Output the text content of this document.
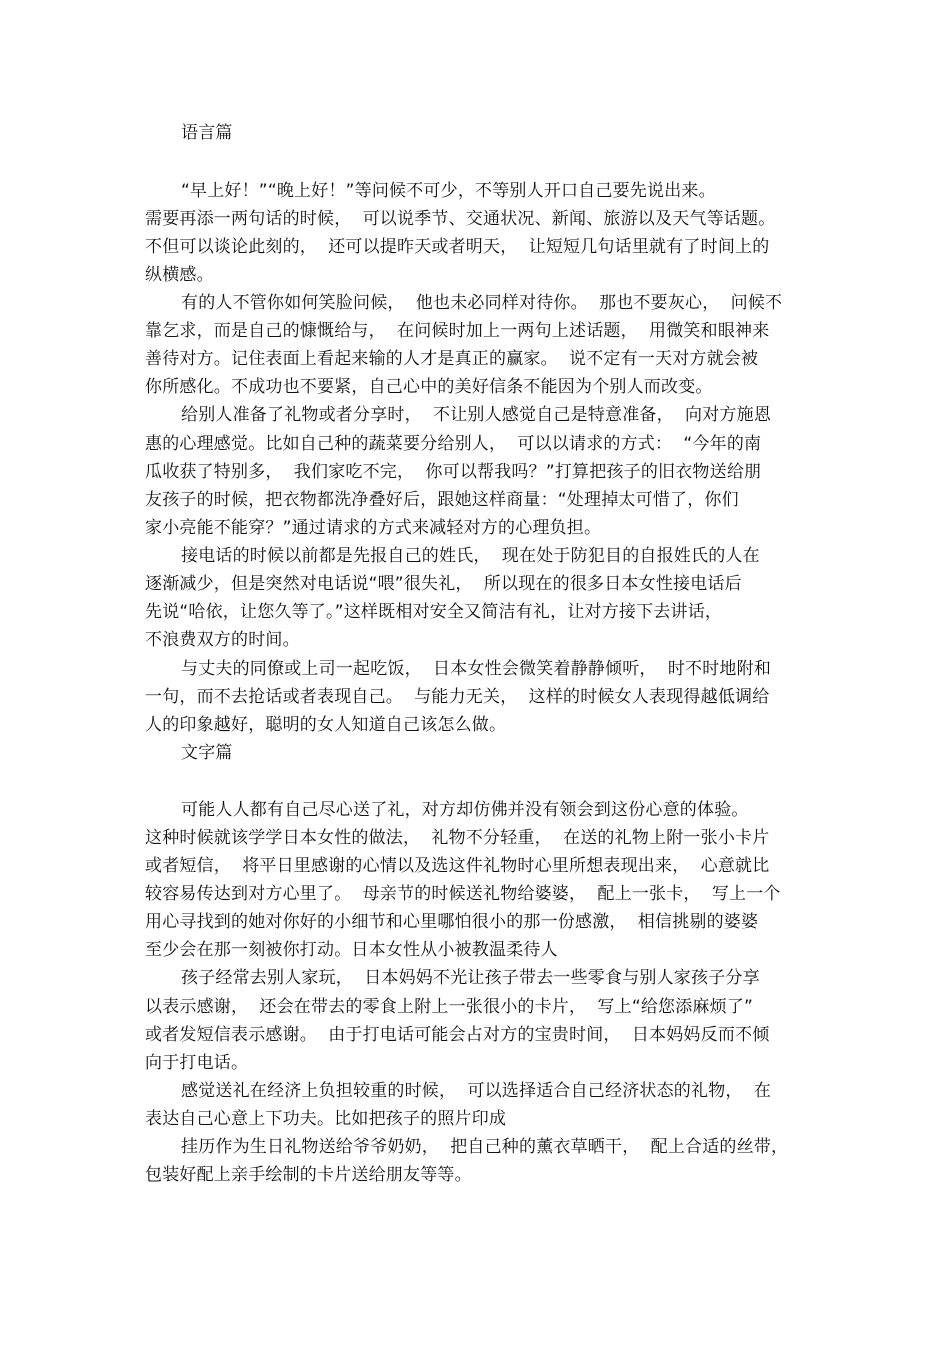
语言篇
“早上好！”“晚上好！”等问候不可少，不等别人开口自己要先说出来。
需要再添一两句话的时候，  可以说季节、交通状况、新闻、旅游以及天气等话题。
不但可以谈论此刻的，  还可以提昨天或者明天，  让短短几句话里就有了时间上的
纵横感。
有的人不管你如何笑脸问候，  他也未必同样对待你。  那也不要灰心，  问候不
靠乞求，而是自己的慷慨给与，  在问候时加上一两句上述话题，  用微笑和眼神来
善待对方。记住表面上看起来输的人才是真正的赢家。  说不定有一天对方就会被
你所感化。不成功也不要紧，自己心中的美好信条不能因为个别人而改变。
给别人准备了礼物或者分享时，  不让别人感觉自己是特意准备，  向对方施恩
惠的心理感觉。比如自己种的蔬菜要分给别人，  可以以请求的方式：  “今年的南
瓜收获了特别多，  我们家吃不完，  你可以帮我吗？”打算把孩子的旧衣物送给朋
友孩子的时候，把衣物都洗净叠好后，跟她这样商量：“处理掉太可惜了，你们
家小亮能不能穿？”通过请求的方式来减轻对方的心理负担。
接电话的时候以前都是先报自己的姓氏，  现在处于防犯目的自报姓氏的人在
逐渐减少，但是突然对电话说“喂”很失礼，  所以现在的很多日本女性接电话后
先说“哈依，让您久等了。”这样既相对安全又简洁有礼，让对方接下去讲话，
不浪费双方的时间。
与丈夫的同僚或上司一起吃饭，  日本女性会微笑着静静倾听，  时不时地附和
一句，而不去抢话或者表现自己。  与能力无关，  这样的时候女人表现得越低调给
人的印象越好，聪明的女人知道自己该怎么做。
文字篇
可能人人都有自己尽心送了礼，对方却仿佛并没有领会到这份心意的体验。
这种时候就该学学日本女性的做法，  礼物不分轻重，  在送的礼物上附一张小卡片
或者短信，  将平日里感谢的心情以及选这件礼物时心里所想表现出来，  心意就比
较容易传达到对方心里了。  母亲节的时候送礼物给婆婆，  配上一张卡，  写上一个
用心寻找到的她对你好的小细节和心里哪怕很小的那一份感激，  相信挑剔的婆婆
至少会在那一刻被你打动。日本女性从小被教温柔待人
孩子经常去别人家玩，  日本妈妈不光让孩子带去一些零食与别人家孩子分享
以表示感谢，  还会在带去的零食上附上一张很小的卡片，  写上“给您添麻烦了”
或者发短信表示感谢。  由于打电话可能会占对方的宝贵时间，  日本妈妈反而不倾
向于打电话。
感觉送礼在经济上负担较重的时候，  可以选择适合自己经济状态的礼物，  在
表达自己心意上下功夫。比如把孩子的照片印成
挂历作为生日礼物送给爷爷奶奶，  把自己种的薰衣草晒干，  配上合适的丝带，
包装好配上亲手绘制的卡片送给朋友等等。
